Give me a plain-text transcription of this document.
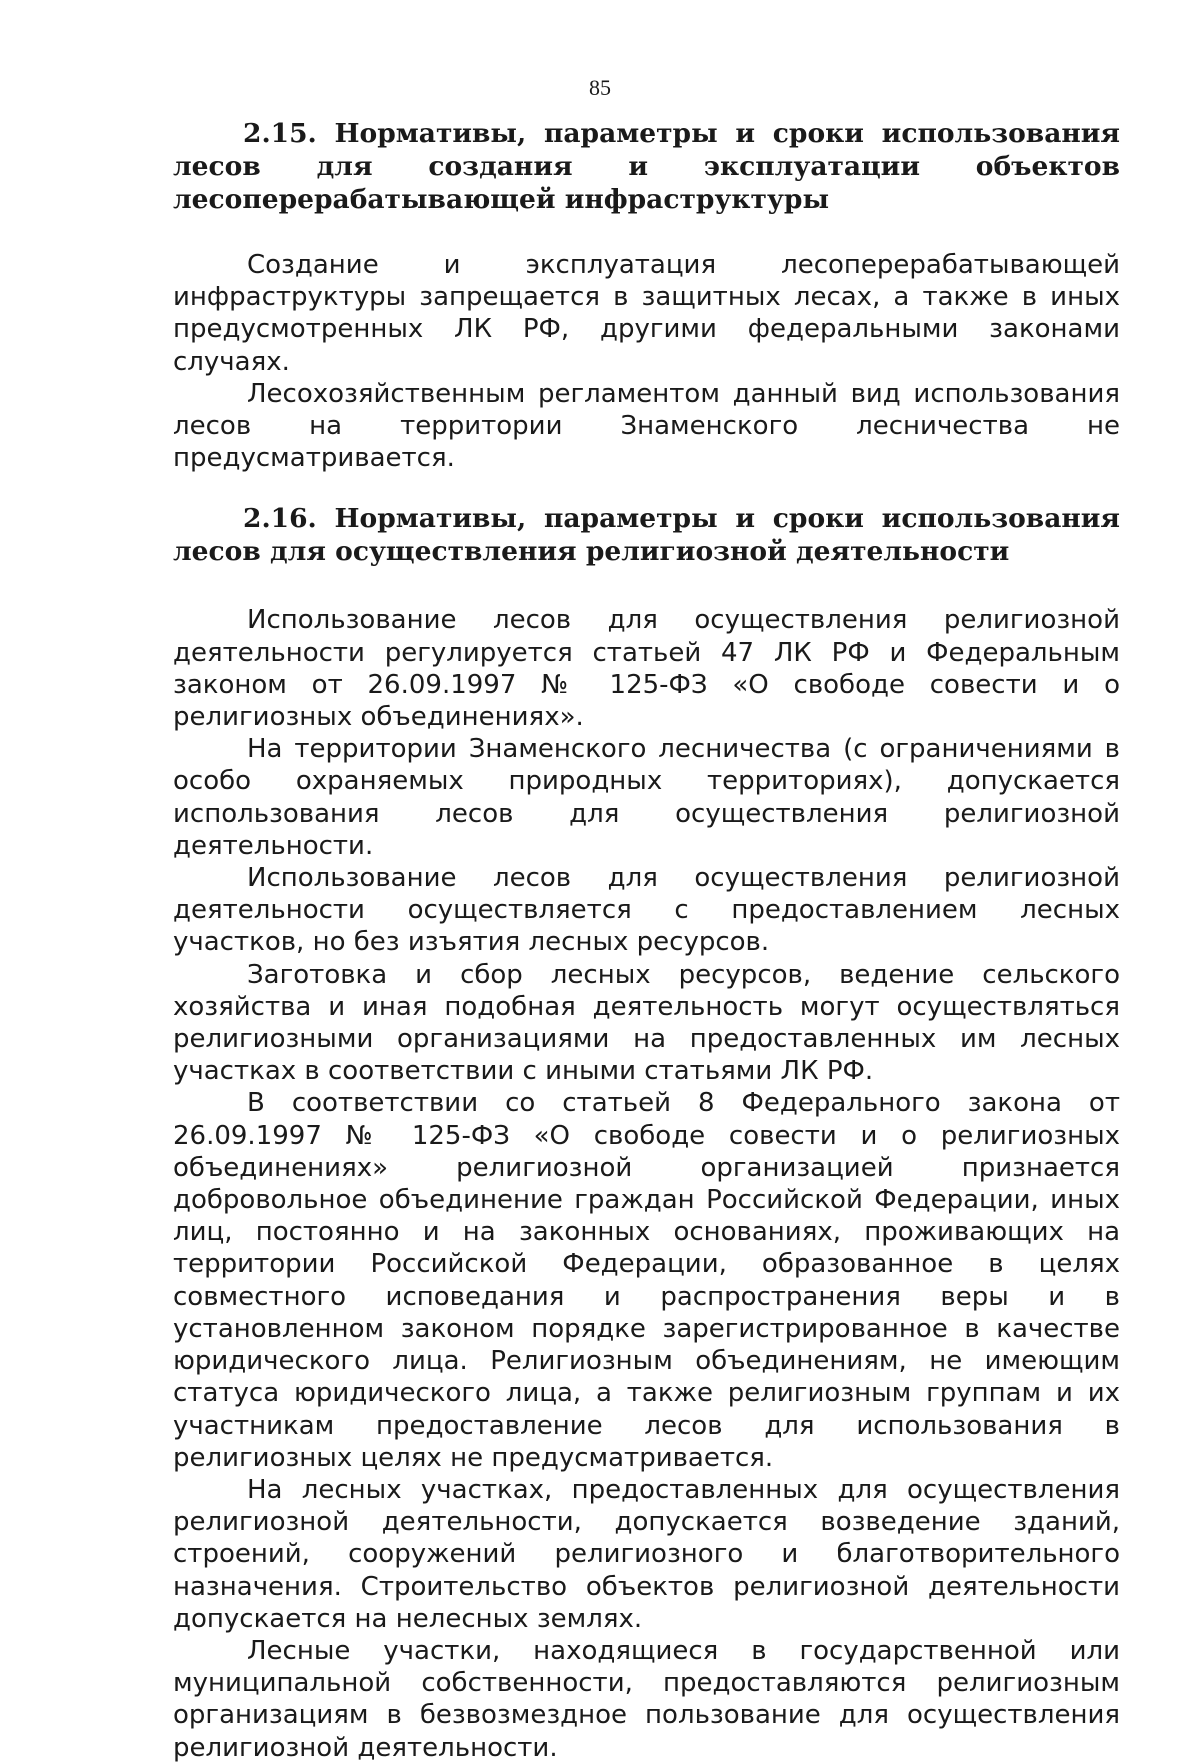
85

2.15. Нормативы, параметры и сроки использования лесов для создания и эксплуатации объектов лесоперерабатывающей инфраструктуры

Создание и эксплуатация лесоперерабатывающей инфраструктуры запрещается в защитных лесах, а также в иных предусмотренных ЛК РФ, другими федеральными законами случаях.

Лесохозяйственным регламентом данный вид использования лесов на территории Знаменского лесничества не предусматривается.

2.16. Нормативы, параметры и сроки использования лесов для осуществления религиозной деятельности

Использование лесов для осуществления религиозной деятельности регулируется статьей 47 ЛК РФ и Федеральным законом от 26.09.1997 № 125-ФЗ «О свободе совести и о религиозных объединениях».

На территории Знаменского лесничества (с ограничениями в особо охраняемых природных территориях), допускается использования лесов для осуществления религиозной деятельности.

Использование лесов для осуществления религиозной деятельности осуществляется с предоставлением лесных участков, но без изъятия лесных ресурсов.

Заготовка и сбор лесных ресурсов, ведение сельского хозяйства и иная подобная деятельность могут осуществляться религиозными организациями на предоставленных им лесных участках в соответствии с иными статьями ЛК РФ.

В соответствии со статьей 8 Федерального закона от 26.09.1997 № 125-ФЗ «О свободе совести и о религиозных объединениях» религиозной организацией признается добровольное объединение граждан Российской Федерации, иных лиц, постоянно и на законных основаниях, проживающих на территории Российской Федерации, образованное в целях совместного исповедания и распространения веры и в установленном законом порядке зарегистрированное в качестве юридического лица. Религиозным объединениям, не имеющим статуса юридического лица, а также религиозным группам и их участникам предоставление лесов для использования в религиозных целях не предусматривается.

На лесных участках, предоставленных для осуществления религиозной деятельности, допускается возведение зданий, строений, сооружений религиозного и благотворительного назначения. Строительство объектов религиозной деятельности допускается на нелесных землях.

Лесные участки, находящиеся в государственной или муниципальной собственности, предоставляются религиозным организациям в безвозмездное пользование для осуществления религиозной деятельности.
